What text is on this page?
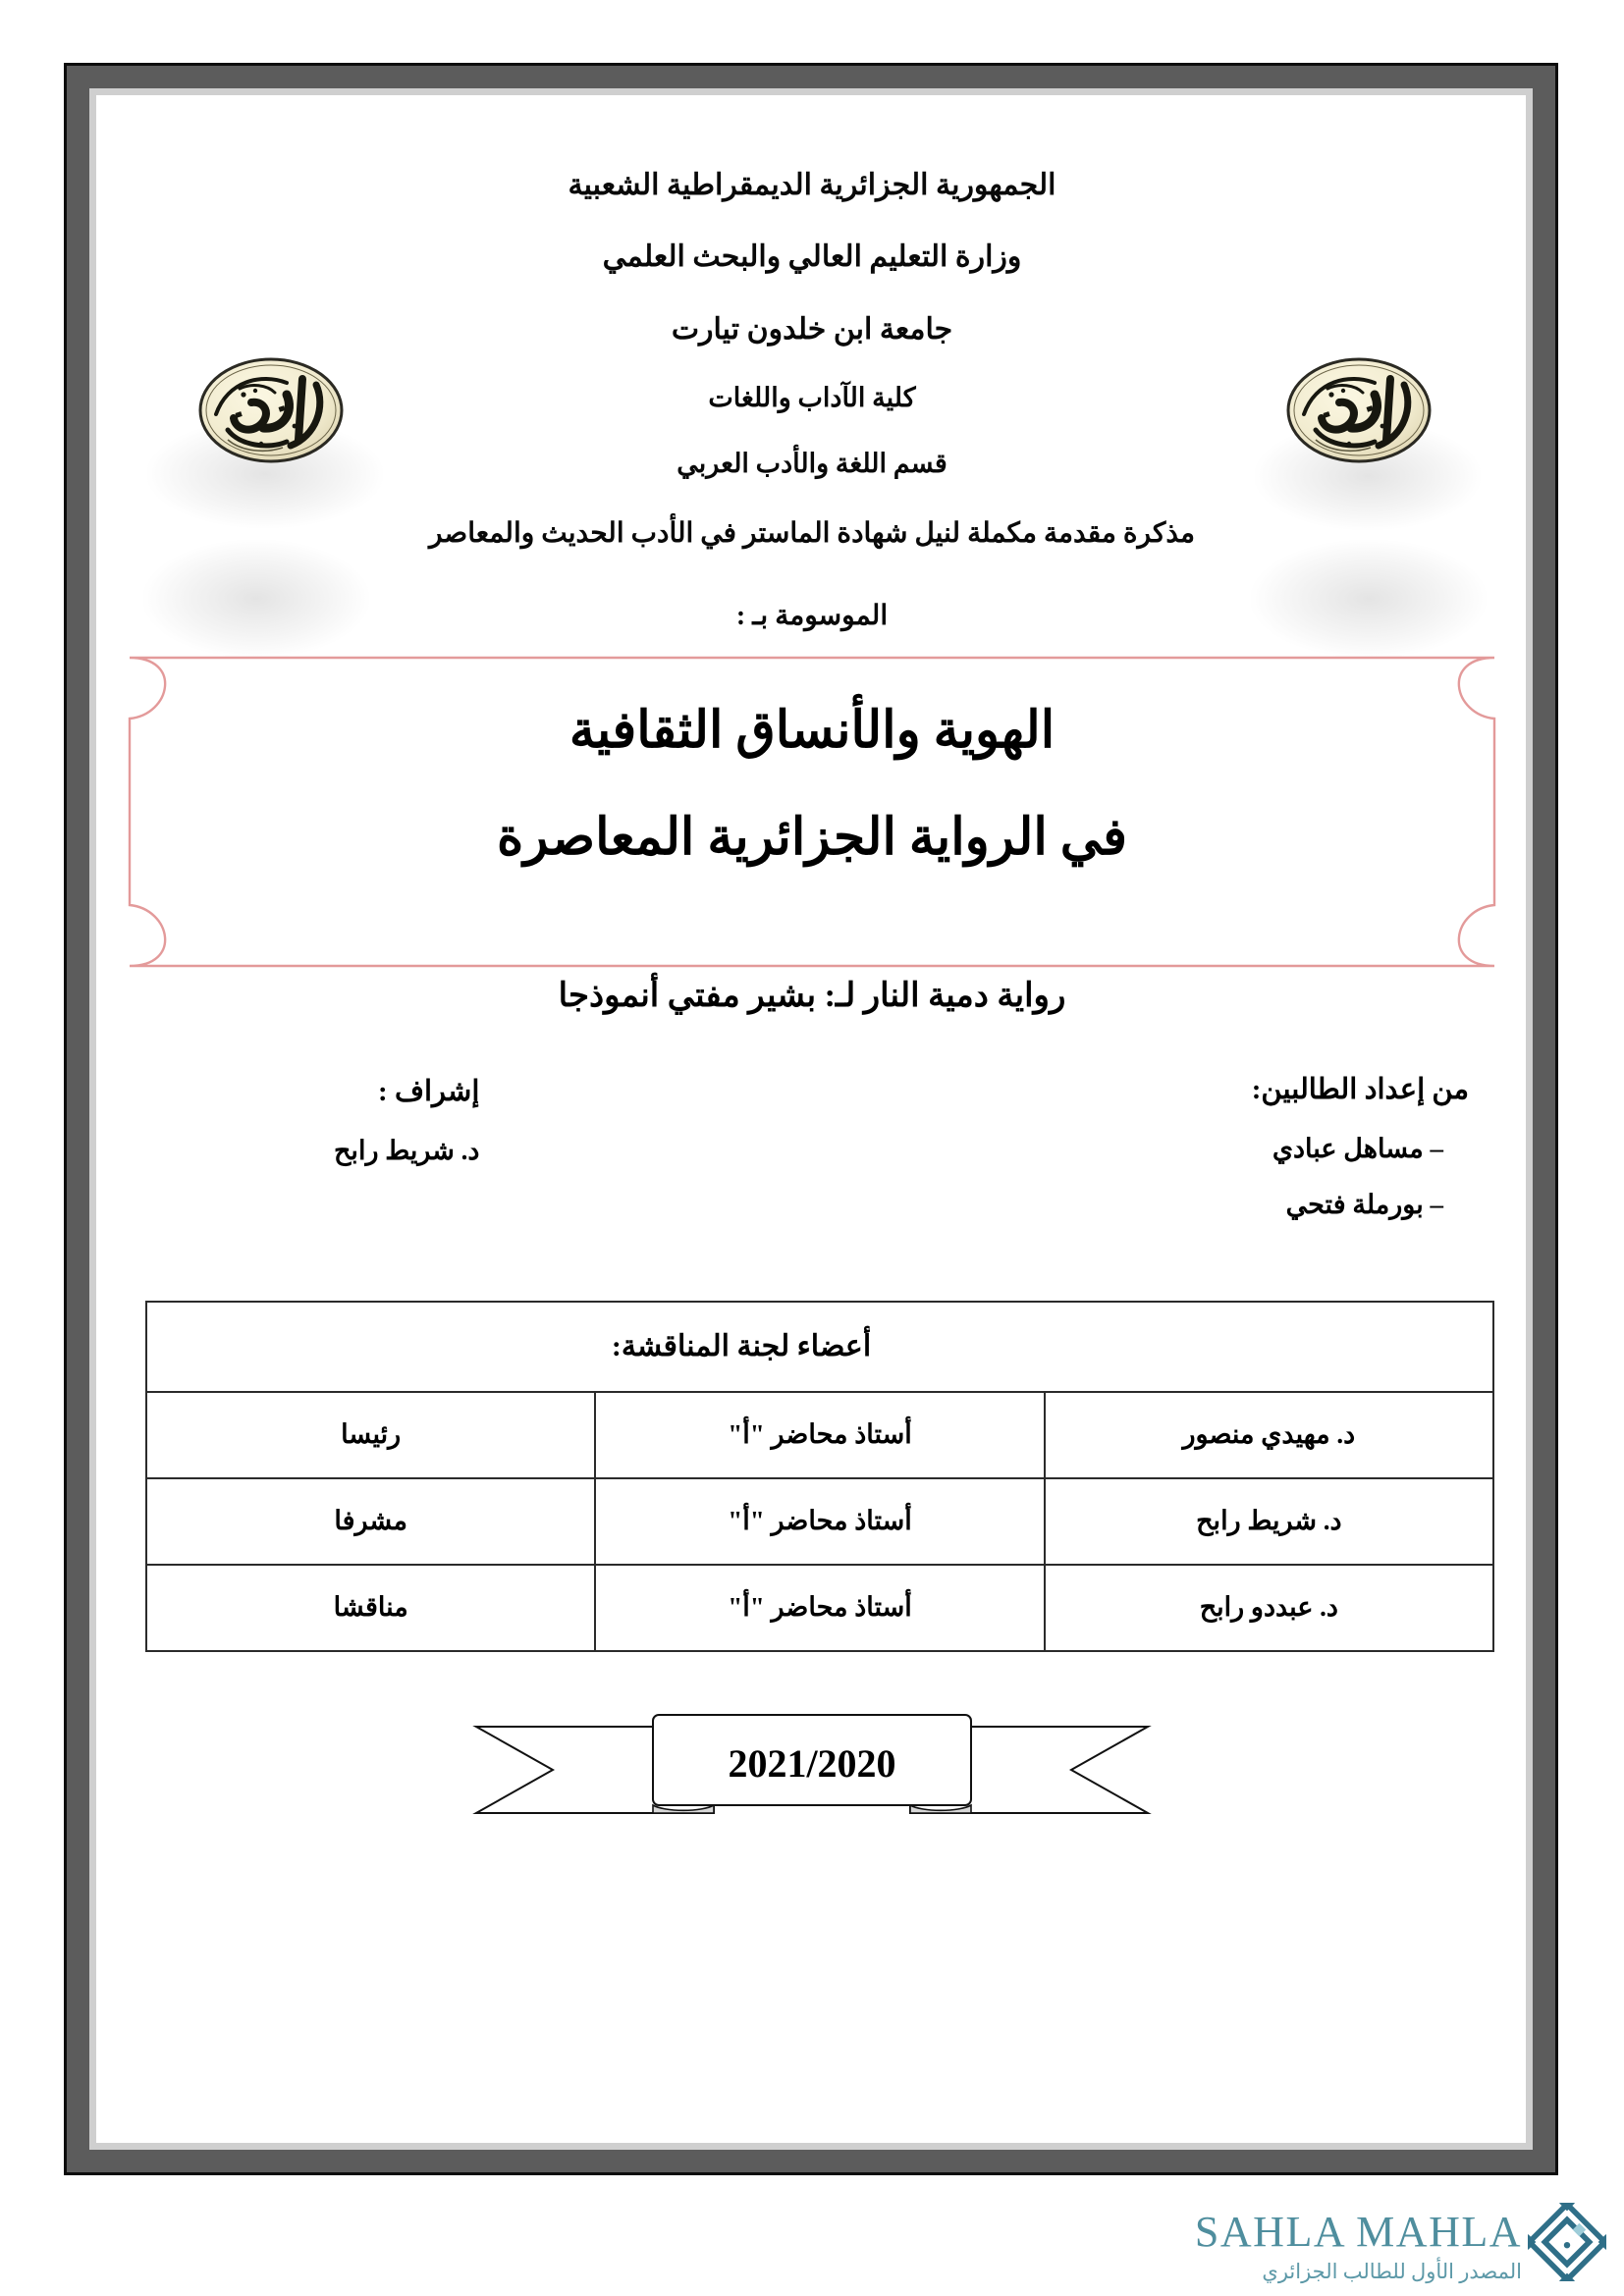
الجمهورية الجزائرية الديمقراطية الشعبية
وزارة التعليم العالي والبحث العلمي
جامعة ابن خلدون تيارت
كلية الآداب واللغات
قسم اللغة والأدب العربي
مذكرة مقدمة مكملة لنيل شهادة الماستر في الأدب الحديث والمعاصر
الموسومة بـ :
الهوية والأنساق الثقافية
في الرواية الجزائرية المعاصرة
رواية دمية النار لـ: بشير مفتي أنموذجا
من إعداد الطالبين:
– مساهل عبادي
– بورملة فتحي
إشراف :
د. شريط رابح
أعضاء لجنة المناقشة:		
د. مهيدي منصور	أستاذ محاضر "أ"	رئيسا
د. شريط رابح	أستاذ محاضر "أ"	مشرفا
د. عبددو رابح	أستاذ محاضر "أ"	مناقشا
2021/2020
SAHLA MAHLA
المصدر الأول للطالب الجزائري
